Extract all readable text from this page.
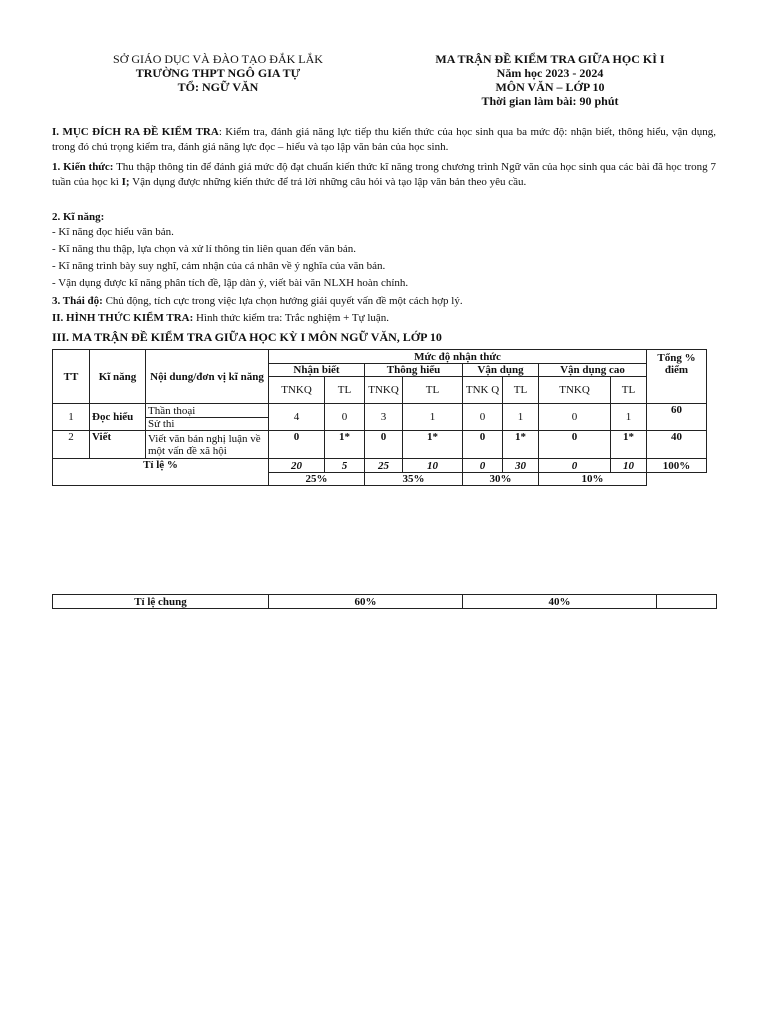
SỞ GIÁO DỤC VÀ ĐÀO TẠO ĐẮK LẮK
TRƯỜNG THPT NGÔ GIA TỰ
TỔ: NGỮ VĂN
MA TRẬN ĐỀ KIỂM TRA GIỮA HỌC KÌ I
Năm học 2023 - 2024
MÔN VĂN – LỚP 10
Thời gian làm bài: 90 phút

I. MỤC ĐÍCH RA ĐỀ KIỂM TRA: Kiểm tra, đánh giá năng lực tiếp thu kiến thức của học sinh qua ba mức độ: nhận biết, thông hiểu, vận dụng, trong đó chú trọng kiểm tra, đánh giá năng lực đọc – hiểu và tạo lập văn bản của học sinh.

1. Kiến thức: Thu thập thông tin để đánh giá mức độ đạt chuẩn kiến thức kĩ năng trong chương trình Ngữ văn của học sinh qua các bài đã học trong 7 tuần của học kì I; Vận dụng được những kiến thức để trả lời những câu hỏi và tạo lập văn bản theo yêu cầu.

2. Kĩ năng:
- Kĩ năng đọc hiểu văn bản.
- Kĩ năng thu thập, lựa chọn và xử lí thông tin liên quan đến văn bản.
- Kĩ năng trình bày suy nghĩ, cảm nhận của cá nhân về ý nghĩa của văn bản.
- Vận dụng được kĩ năng phân tích đề, lập dàn ý, viết bài văn NLXH hoàn chỉnh.
3. Thái độ: Chủ động, tích cực trong việc lựa chọn hướng giải quyết vấn đề một cách hợp lý.
II. HÌNH THỨC KIỂM TRA: Hình thức kiểm tra: Trắc nghiệm + Tự luận.
III. MA TRẬN ĐỀ KIỂM TRA GIỮA HỌC KỲ I MÔN NGỮ VĂN, LỚP 10
TT	Kĩ năng	Nội dung/đơn vị kĩ năng	Mức độ nhận thức								Tổng % điểm
			Nhận biết		Thông hiểu		Vận dụng		Vận dụng cao		
			TNKQ	TL	TNKQ	TL	TNK Q	TL	TNKQ	TL	
1	Đọc hiểu	Thần thoại	4	0	3	1	0	1	0	1	60
		Sử thi									
2	Viết	Viết văn bản nghị luận về một vấn đề xã hội	0	1*	0	1*	0	1*	0	1*	40
Tỉ lệ %			20	5	25	10	0	30	0	10	100%
			25%		35%		30%		10%		
Tỉ lệ chung	60%	40%	
